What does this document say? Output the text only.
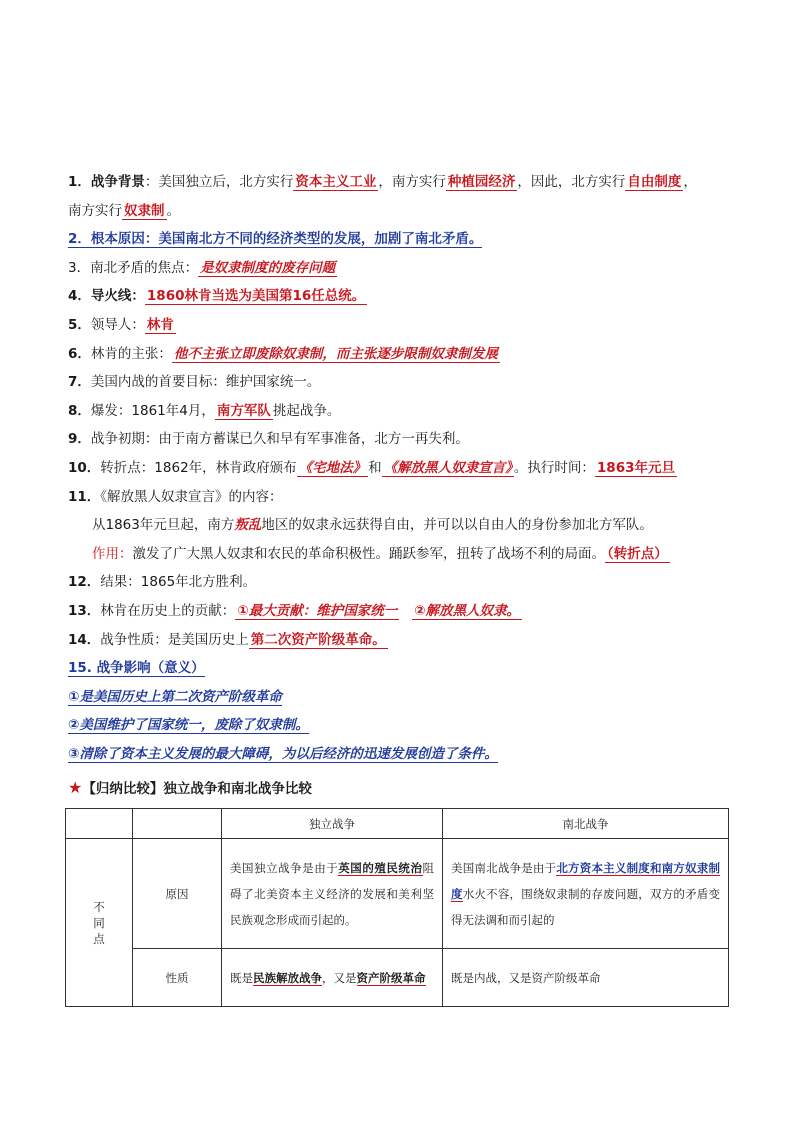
1．战争背景：美国独立后，北方实行 资本主义工业 ，南方实行 种植园经济 ，因此，北方实行 自由制度 ，
南方实行 奴隶制 。
2．根本原因：美国南北方不同的经济类型的发展，加剧了南北矛盾。
3．南北矛盾的焦点： 是奴隶制度的废存问题
4．导火线： 1860林肯当选为美国第16任总统。
5．领导人： 林肯
6．林肯的主张： 他不主张立即废除奴隶制，而主张逐步限制奴隶制发展
7．美国内战的首要目标：维护国家统一。
8．爆发：1861年4月， 南方军队 挑起战争。
9．战争初期：由于南方蓄谋已久和早有军事准备，北方一再失利。
10．转折点：1862年，林肯政府颁布 《宅地法》 和 《解放黑人奴隶宣言》 。执行时间： 1863年元旦
11．《解放黑人奴隶宣言》的内容：
从1863年元旦起，南方叛乱地区的奴隶永远获得自由，并可以以自由人的身份参加北方军队。
作用：激发了广大黑人奴隶和农民的革命积极性。踊跃参军，扭转了战场不利的局面。 （转折点）
12．结果：1865年北方胜利。
13．林肯在历史上的贡献： ①最大贡献：维护国家统一 ②解放黑人奴隶。
14．战争性质：是美国历史上 第二次资产阶级革命。
15. 战争影响（意义）
①是美国历史上第二次资产阶级革命
②美国维护了国家统一，废除了奴隶制。
③清除了资本主义发展的最大障碍，为以后经济的迅速发展创造了条件。
★【归纳比较】独立战争和南北战争比较
		独立战争	南北战争
不同点	原因	美国独立战争是由于英国的殖民统治阻碍了北美资本主义经济的发展和美利坚民族观念形成而引起的。	美国南北战争是由于北方资本主义制度和南方奴隶制度水火不容，围绕奴隶制的存废问题，双方的矛盾变得无法调和而引起的
	性质	既是民族解放战争，又是资产阶级革命	既是内战，又是资产阶级革命
